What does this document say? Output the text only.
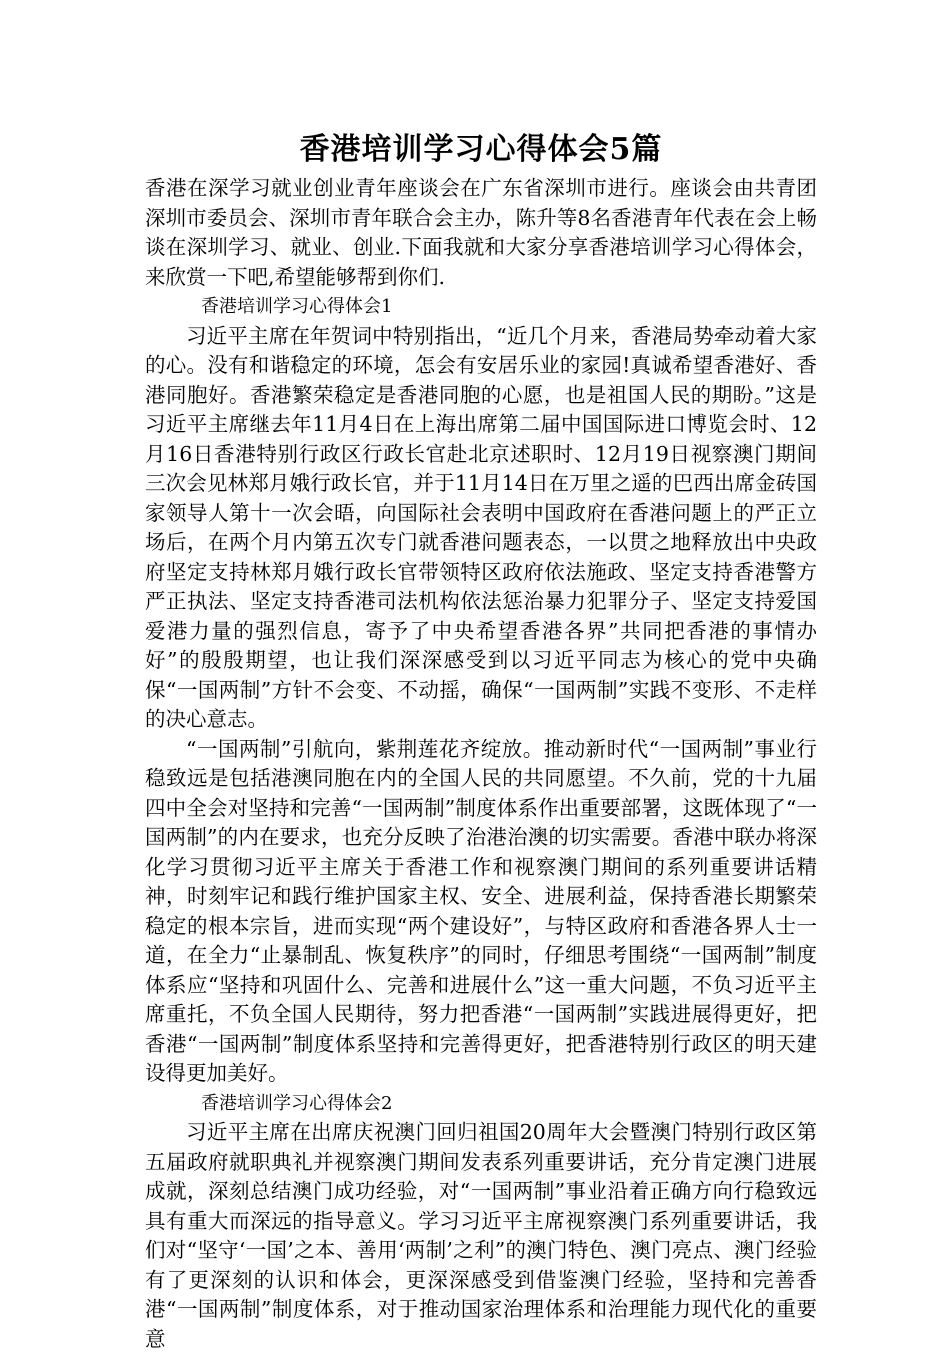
香港培训学习心得体会5篇

香港在深学习就业创业青年座谈会在广东省深圳市进行。座谈会由共青团深圳市委员会、深圳市青年联合会主办，陈升等8名香港青年代表在会上畅谈在深圳学习、就业、创业.下面我就和大家分享香港培训学习心得体会，来欣赏一下吧,希望能够帮到你们.

香港培训学习心得体会1

习近平主席在年贺词中特别指出，“近几个月来，香港局势牵动着大家的心。没有和谐稳定的环境，怎会有安居乐业的家园!真诚希望香港好、香港同胞好。香港繁荣稳定是香港同胞的心愿，也是祖国人民的期盼。”这是习近平主席继去年11月4日在上海出席第二届中国国际进口博览会时、12月16日香港特别行政区行政长官赴北京述职时、12月19日视察澳门期间三次会见林郑月娥行政长官，并于11月14日在万里之遥的巴西出席金砖国家领导人第十一次会晤，向国际社会表明中国政府在香港问题上的严正立场后，在两个月内第五次专门就香港问题表态，一以贯之地释放出中央政府坚定支持林郑月娥行政长官带领特区政府依法施政、坚定支持香港警方严正执法、坚定支持香港司法机构依法惩治暴力犯罪分子、坚定支持爱国爱港力量的强烈信息，寄予了中央希望香港各界”共同把香港的事情办好”的殷殷期望，也让我们深深感受到以习近平同志为核心的党中央确保“一国两制”方针不会变、不动摇，确保“一国两制”实践不变形、不走样的决心意志。

“一国两制”引航向，紫荆莲花齐绽放。推动新时代“一国两制”事业行稳致远是包括港澳同胞在内的全国人民的共同愿望。不久前，党的十九届四中全会对坚持和完善“一国两制”制度体系作出重要部署，这既体现了“一国两制”的内在要求，也充分反映了治港治澳的切实需要。香港中联办将深化学习贯彻习近平主席关于香港工作和视察澳门期间的系列重要讲话精神，时刻牢记和践行维护国家主权、安全、进展利益，保持香港长期繁荣稳定的根本宗旨，进而实现“两个建设好”，与特区政府和香港各界人士一道，在全力“止暴制乱、恢复秩序”的同时，仔细思考围绕“一国两制”制度体系应“坚持和巩固什么、完善和进展什么”这一重大问题，不负习近平主席重托，不负全国人民期待，努力把香港“一国两制”实践进展得更好，把香港“一国两制”制度体系坚持和完善得更好，把香港特别行政区的明天建设得更加美好。

香港培训学习心得体会2

习近平主席在出席庆祝澳门回归祖国20周年大会暨澳门特别行政区第五届政府就职典礼并视察澳门期间发表系列重要讲话，充分肯定澳门进展成就，深刻总结澳门成功经验，对“一国两制”事业沿着正确方向行稳致远具有重大而深远的指导意义。学习习近平主席视察澳门系列重要讲话，我们对“坚守‘一国’之本、善用‘两制’之利”的澳门特色、澳门亮点、澳门经验有了更深刻的认识和体会，更深深感受到借鉴澳门经验，坚持和完善香港“一国两制”制度体系，对于推动国家治理体系和治理能力现代化的重要意
